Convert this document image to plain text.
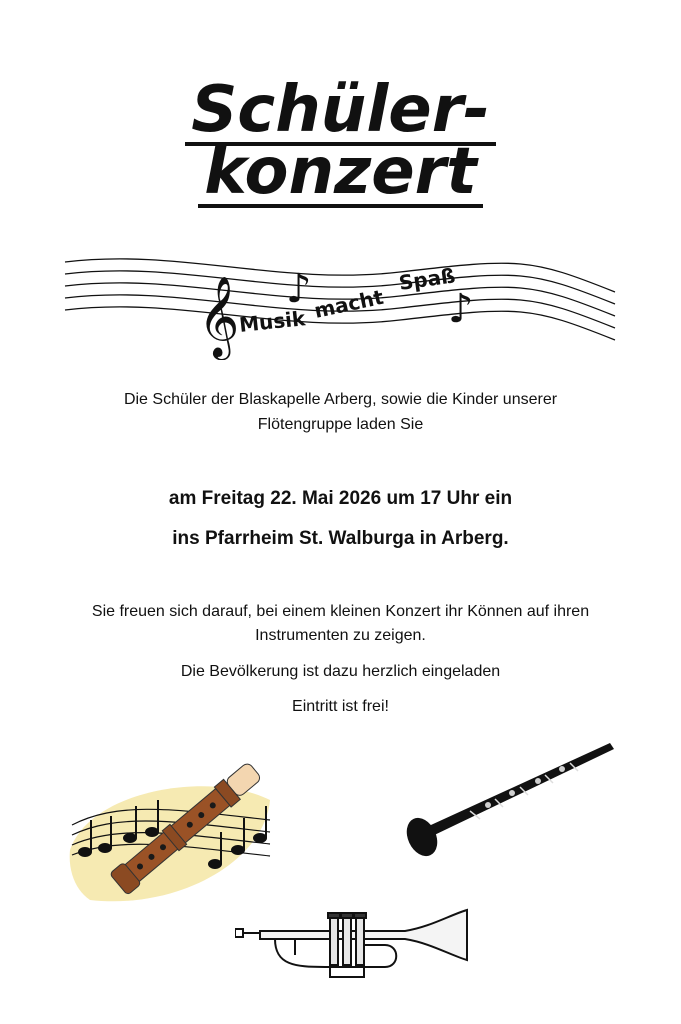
Schüler-
konzert
𝄞 ♪	♪
Musik macht
Spaß
Die Schüler der Blaskapelle Arberg, sowie die Kinder unserer
Flötengruppe laden Sie
am Freitag 22. Mai 2026 um 17 Uhr ein
ins Pfarrheim St. Walburga in Arberg.
Sie freuen sich darauf, bei einem kleinen Konzert ihr Können auf ihren
Instrumenten zu zeigen.
Die Bevölkerung ist dazu herzlich eingeladen
Eintritt ist frei!
